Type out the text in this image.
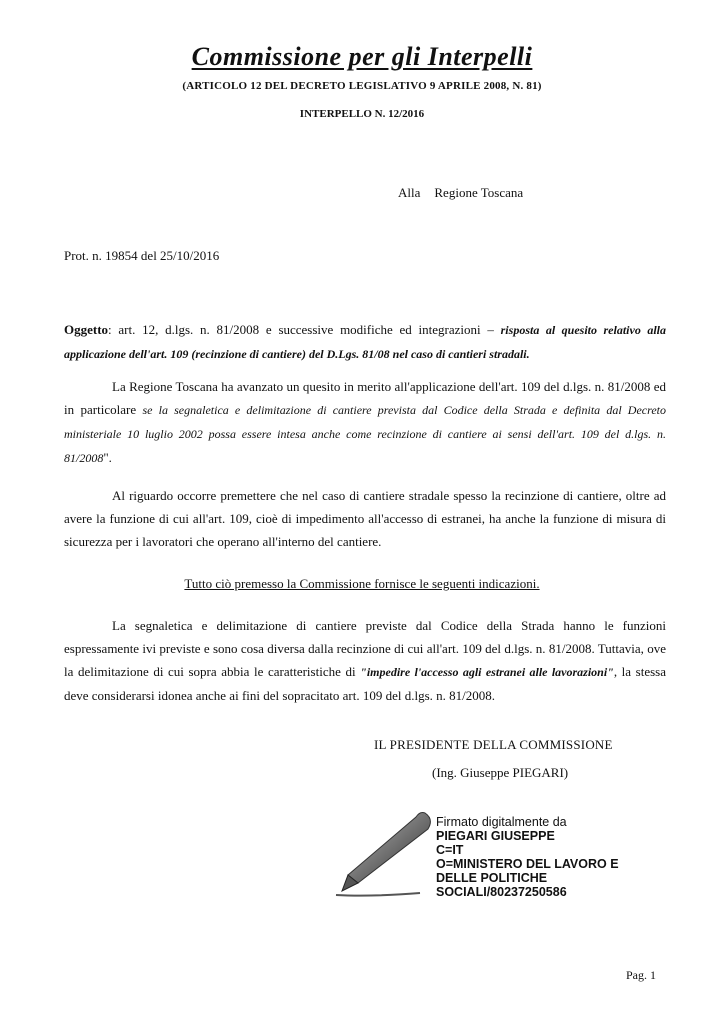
Commissione per gli Interpelli
(ARTICOLO 12 DEL DECRETO LEGISLATIVO 9 APRILE 2008, N. 81)
INTERPELLO N. 12/2016
Alla Regione Toscana
Prot. n. 19854 del 25/10/2016
Oggetto: art. 12, d.lgs. n. 81/2008 e successive modifiche ed integrazioni – risposta al quesito relativo alla applicazione dell'art. 109 (recinzione di cantiere) del D.Lgs. 81/08 nel caso di cantieri stradali.
La Regione Toscana ha avanzato un quesito in merito all'applicazione dell'art. 109 del d.lgs. n. 81/2008 ed in particolare se la segnaletica e delimitazione di cantiere prevista dal Codice della Strada e definita dal Decreto ministeriale 10 luglio 2002 possa essere intesa anche come recinzione di cantiere ai sensi dell'art. 109 del d.lgs. n. 81/2008".
Al riguardo occorre premettere che nel caso di cantiere stradale spesso la recinzione di cantiere, oltre ad avere la funzione di cui all'art. 109, cioè di impedimento all'accesso di estranei, ha anche la funzione di misura di sicurezza per i lavoratori che operano all'interno del cantiere.
Tutto ciò premesso la Commissione fornisce le seguenti indicazioni.
La segnaletica e delimitazione di cantiere previste dal Codice della Strada hanno le funzioni espressamente ivi previste e sono cosa diversa dalla recinzione di cui all'art. 109 del d.lgs. n. 81/2008. Tuttavia, ove la delimitazione di cui sopra abbia le caratteristiche di "impedire l'accesso agli estranei alle lavorazioni", la stessa deve considerarsi idonea anche ai fini del sopracitato art. 109 del d.lgs. n. 81/2008.
IL PRESIDENTE DELLA COMMISSIONE
(Ing. Giuseppe PIEGARI)
Firmato digitalmente da
PIEGARI GIUSEPPE
C=IT
O=MINISTERO DEL LAVORO E
DELLE POLITICHE
SOCIALI/80237250586
Pag. 1
